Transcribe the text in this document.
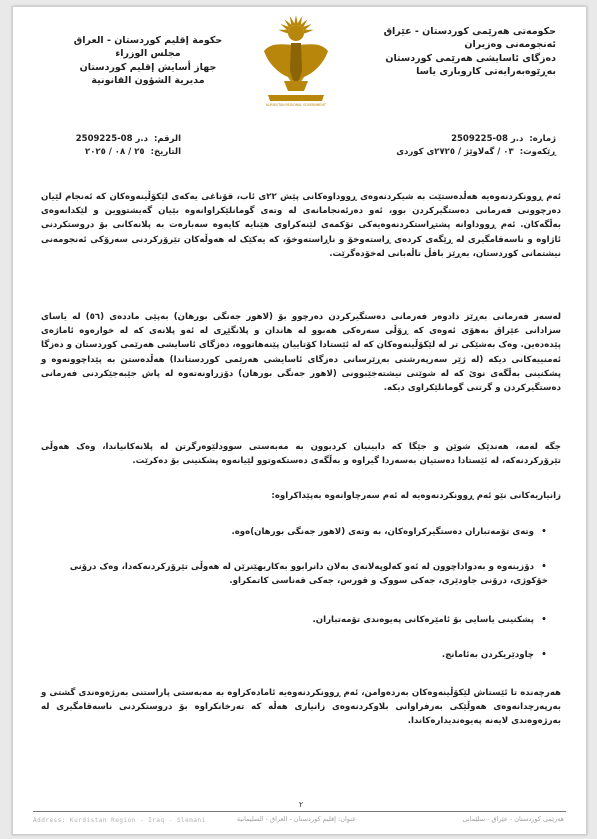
حکومەتی هەرێمی کوردستان - عێراق
ئەنجومەنی وەزیران
دەزگای ئاسایشی هەرێمی کوردستان
بەڕێوەبەرایەتی کاروباری یاسا
KURDISTAN REGIONAL GOVERNMENT
حكومة إقليم كوردستان - العراق
مجلس الوزراء
جهاز أسايش إقليم كوردستان
مديرية الشؤون القانونية
ژمارە:
د.ر 08-2509225
ڕێکەوت:
٠٣ / گەلاوێژ / ٢٧٢٥ی کوردی
الرقم:
د.ر 08-2509225
التاريخ:
٢٥ / ٠٨ / ٢٠٢٥

ئەم ڕوونکردنەوەیە هەڵدەستێت بە شیکردنەوەی ڕووداوەکانی پێش ٢٢ی ئاب، قۆناغی یەکەی لێکۆڵینەوەکان کە ئەنجام لێیان دەرچوونی فەرمانی دەستگیرکردن بوو، ئەو دەرئەنجامانەی لە وتەی گومانلێکراوانەوە بێیان گەیشتووین و لێکدانەوەی بەڵگەکان. ئەم ڕووداوانە پشتڕاستکردنەوەیەکی تۆکمەی لێنەکراوی هێنایە کایەوە سەبارەت بە پلانەکانی بۆ دروستکردنی ئاژاوە و ناسەقامگیری لە ڕێگەی کردەی ڕاستەوخۆ و ناڕاستەوخۆ، کە یەکێک لە هەوڵەکان تێرۆرکردنی سەرۆکی ئەنجومەنی نیشتمانی کوردستان، بەڕێز بافڵ تاڵەبانی لەخۆدەگرێت.

لەسەر فەرمانی بەڕێز دادوەر فەرمانی دەستگیرکردن دەرچوو بۆ (لاهور جەنگی بورهان) بەپێی ماددەی (٥٦) لە یاسای سزادانی عێراق بەهۆی ئەوەی کە ڕۆڵی سەرەکی هەبوو لە هاندان و پلانگێڕی لە ئەو پلانەی کە لە خوارەوە ئاماژەی پێدەدەین. وەک بەشێکی تر لە لێکۆڵینەوەکان کە لە ئێستادا کۆتاییان پێنەهاتووە، دەزگای ئاسایشی هەرێمی کوردستان و دەزگا ئەمنییەکانی دیکە (لە ژێر سەرپەرشتی بەڕێرسانی دەزگای ئاسایشی هەرێمی کوردستاندا) هەڵدەستن بە پێداچوونەوە و پشکنینی بەڵگەی نوێ کە لە شوێنی نیشتەجێبوونی (لاهور جەنگی بورهان) دۆزراونەتەوە لە پاش جێبەجێکردنی فەرمانی دەستگیرکردن و گرتنی گومانلێکراوی دیکە.

جگە لەمە، هەندێک شوێن و جێگا کە دابینیان کردبوون بە مەبەستی سوودلێوەرگرتن لە پلانەکانیاندا، وەک هەوڵی تێرۆرکردنەکە، لە ئێستادا دەستیان بەسەردا گیراوە و بەڵگەی دەستکەوتوو لێیانەوە پشکنینی بۆ دەکرێت.

زانیاریەکانی نێو ئەم ڕوونکردنەوەیە لە ئەم سەرچاوانەوە بەپێداکراوە:

•وتەی تۆمەتباران دەستگیرکراوەکان، بە وتەی (لاهور جەنگی بورهان)ەوە.
•دۆزینەوە و بەدواداچوون لە ئەو کەلوپەلانەی بەلان دانرابوو بەکاربهێنرێن لە هەوڵی تێرۆرکردنەکەدا، وەک درۆنی خۆکوژی، درۆنی جاودێری، جەکی سووک و قورس، جەکی قەناسی کاتمکراو.
•پشکنینی یاسایی بۆ ئامێرەکانی پەیوەندی تۆمەتباران.
•چاودێریکردن بەئامانج.

هەرچەندە تا ئێستاش لێکۆڵینەوەکان بەردەوامن، ئەم ڕوونکردنەوەیە ئامادەکراوە بە مەبەستی پاراستنی بەرژەوەندی گشتی و بەرپەرچدانەوەی هەوڵێکی بەرفراوانی بلاوکردنەوەی زانیاری هەڵە کە تەرخانکراوە بۆ دروستکردنی ناسەقامگیری لە بەرژەوەندی لایەنە پەیوەندیدارەکاندا.

٢
Address: Kurdistan Region - Iraq - Slemani	عنوان: إقليم كوردستان - العراق - السليمانية	هەرێمی کوردستان - عێراق - سلێمانی
